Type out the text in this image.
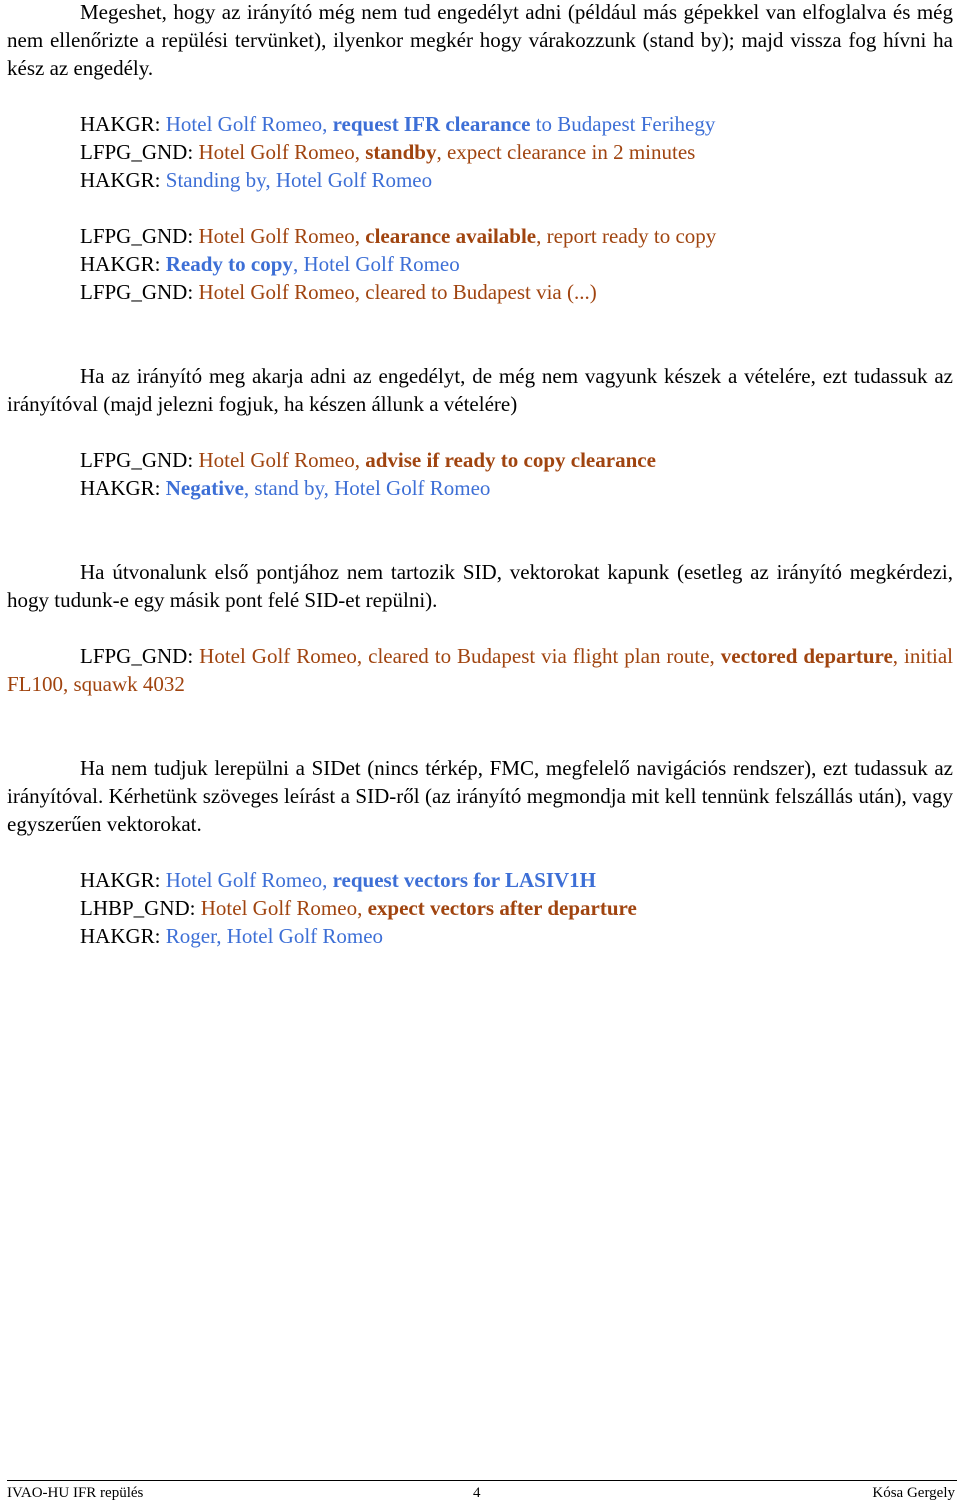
Megeshet, hogy az irányító még nem tud engedélyt adni (például más gépekkel van elfoglalva és még nem ellenőrizte a repülési tervünket), ilyenkor megkér hogy várakozzunk (stand by); majd vissza fog hívni ha kész az engedély.

HAKGR: Hotel Golf Romeo, request IFR clearance to Budapest Ferihegy
LFPG_GND: Hotel Golf Romeo, standby, expect clearance in 2 minutes
HAKGR: Standing by, Hotel Golf Romeo
LFPG_GND: Hotel Golf Romeo, clearance available, report ready to copy
HAKGR: Ready to copy, Hotel Golf Romeo
LFPG_GND: Hotel Golf Romeo, cleared to Budapest via (...)

Ha az irányító meg akarja adni az engedélyt, de még nem vagyunk készek a vételére, ezt tudassuk az irányítóval (majd jelezni fogjuk, ha készen állunk a vételére)

LFPG_GND: Hotel Golf Romeo, advise if ready to copy clearance
HAKGR: Negative, stand by, Hotel Golf Romeo

Ha útvonalunk első pontjához nem tartozik SID, vektorokat kapunk (esetleg az irányító megkérdezi, hogy tudunk-e egy másik pont felé SID-et repülni).

LFPG_GND: Hotel Golf Romeo, cleared to Budapest via flight plan route, vectored departure, initial FL100, squawk 4032

Ha nem tudjuk lerepülni a SIDet (nincs térkép, FMC, megfelelő navigációs rendszer), ezt tudassuk az irányítóval. Kérhetünk szöveges leírást a SID-ről (az irányító megmondja mit kell tennünk felszállás után), vagy egyszerűen vektorokat.

HAKGR: Hotel Golf Romeo, request vectors for LASIV1H
LHBP_GND: Hotel Golf Romeo, expect vectors after departure
HAKGR: Roger, Hotel Golf Romeo
IVAO-HU IFR repülés	4	Kósa Gergely
